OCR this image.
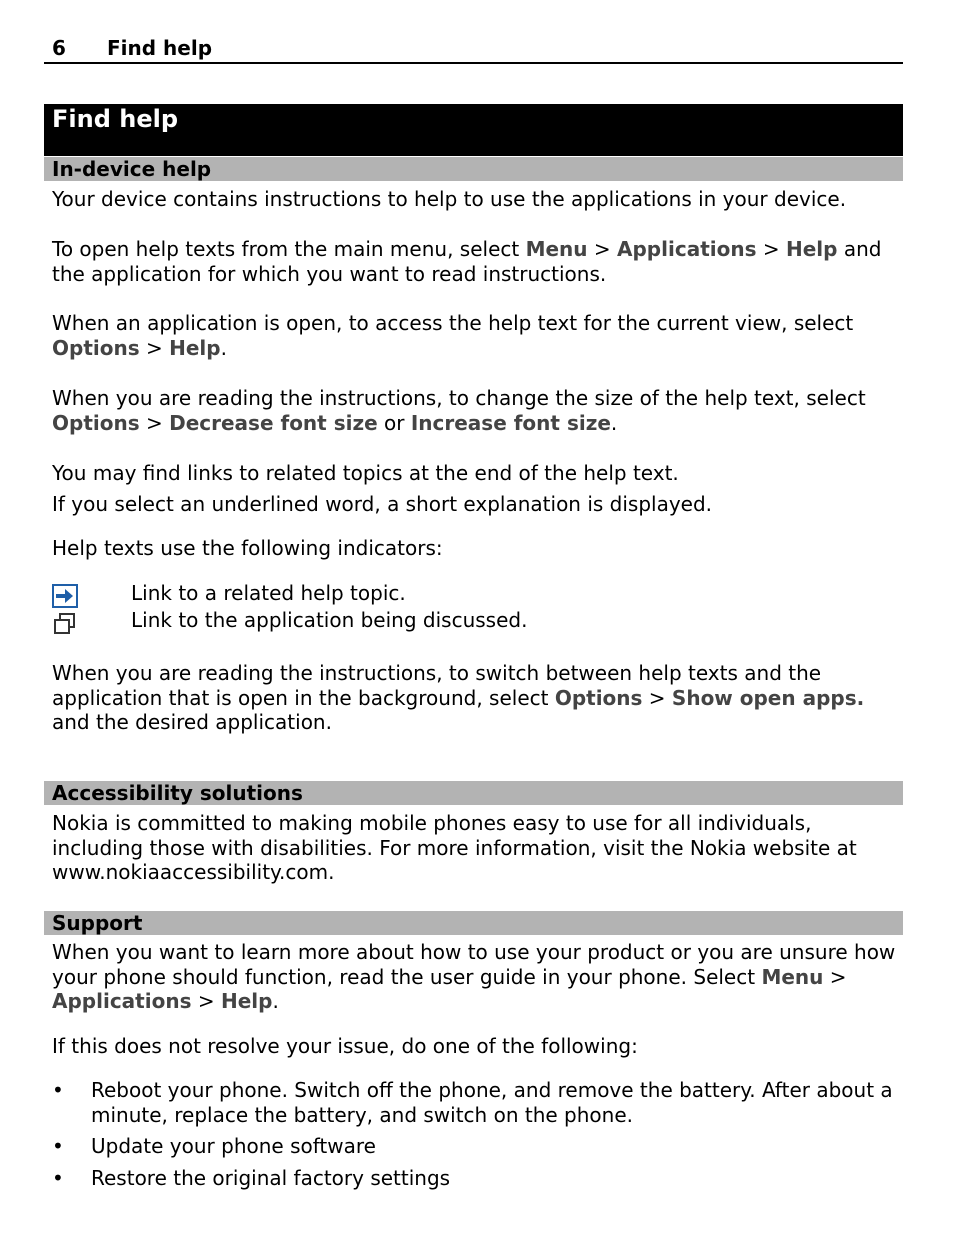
6 Find help
Find help
In-device help
Your device contains instructions to help to use the applications in your device.
To open help texts from the main menu, select Menu > Applications > Help and the application for which you want to read instructions.
When an application is open, to access the help text for the current view, select Options > Help.
When you are reading the instructions, to change the size of the help text, select Options > Decrease font size or Increase font size.
You may find links to related topics at the end of the help text.
If you select an underlined word, a short explanation is displayed.
Help texts use the following indicators:
Link to a related help topic.
Link to the application being discussed.
When you are reading the instructions, to switch between help texts and the application that is open in the background, select Options > Show open apps. and the desired application.
Accessibility solutions
Nokia is committed to making mobile phones easy to use for all individuals, including those with disabilities. For more information, visit the Nokia website at www.nokiaaccessibility.com.
Support
When you want to learn more about how to use your product or you are unsure how your phone should function, read the user guide in your phone. Select Menu > Applications > Help.
If this does not resolve your issue, do one of the following:
•	Reboot your phone. Switch off the phone, and remove the battery. After about a minute, replace the battery, and switch on the phone.
•	Update your phone software
•	Restore the original factory settings
